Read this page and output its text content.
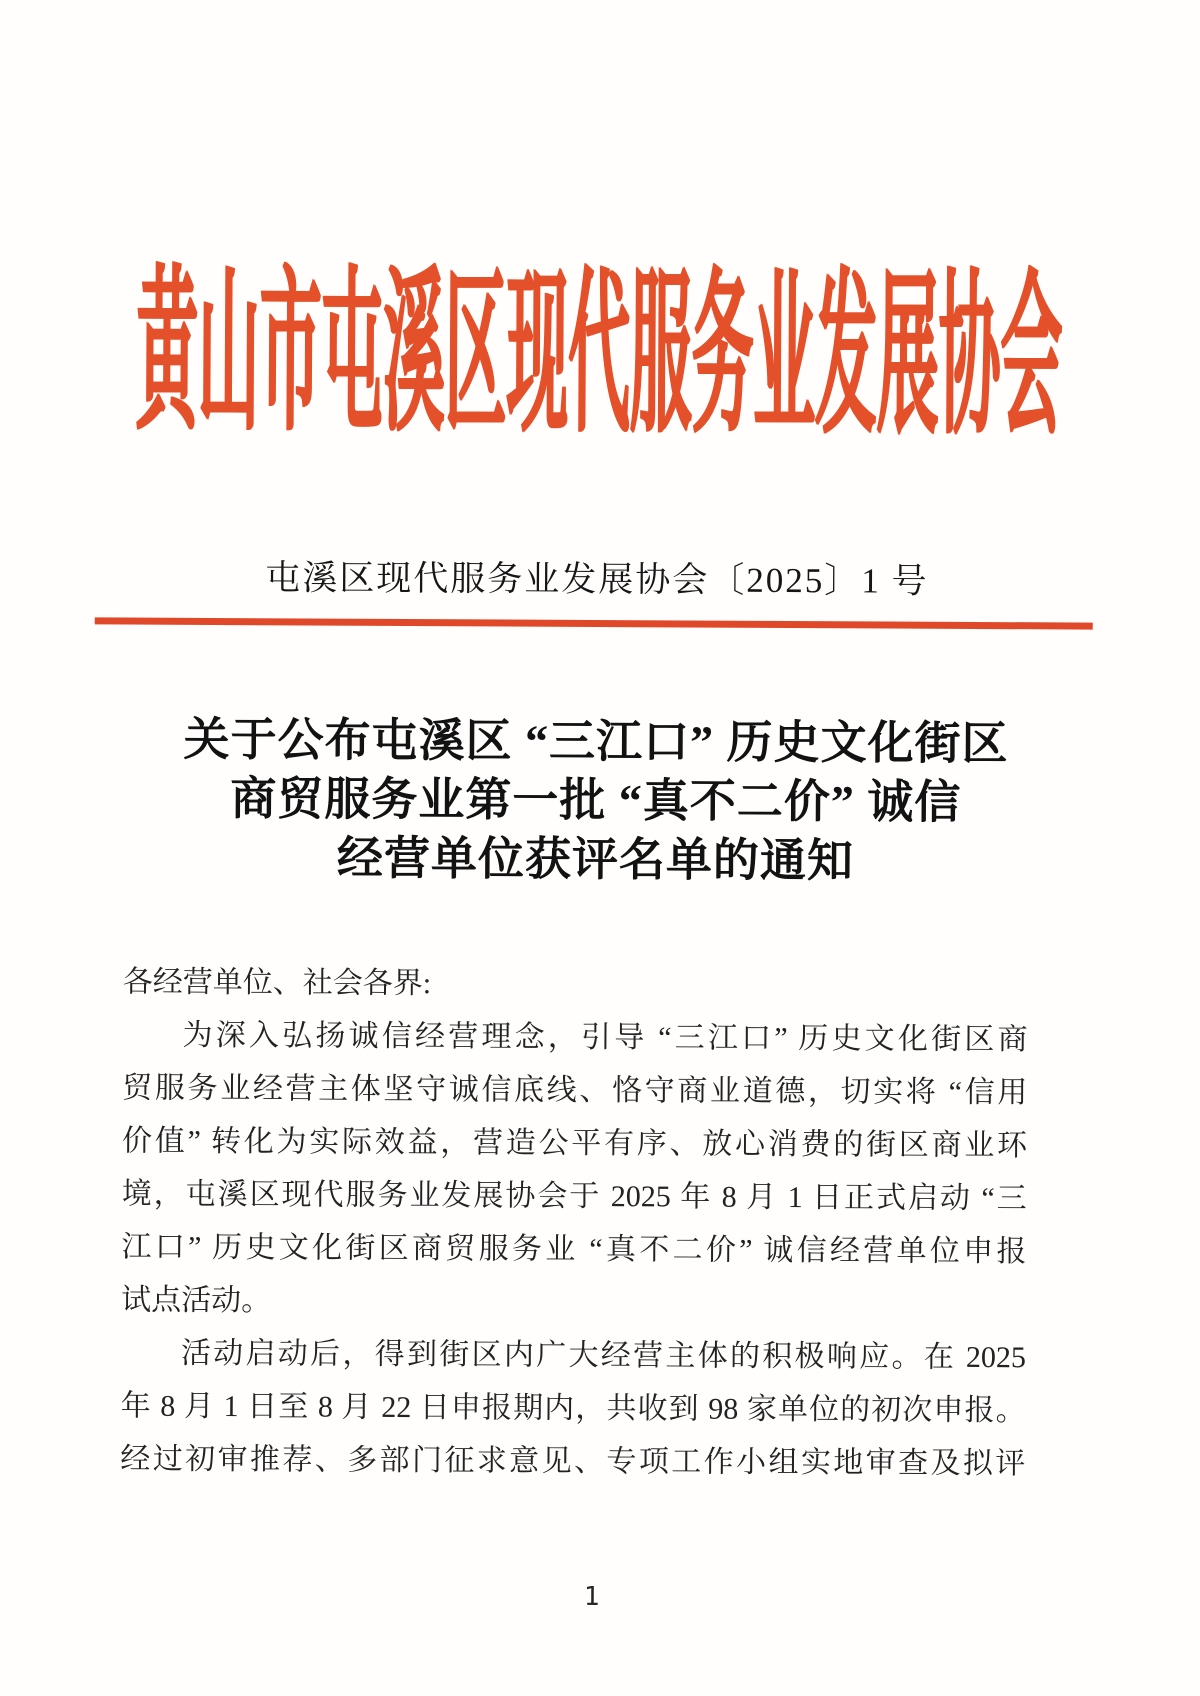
黄山市屯溪区现代服务业发展协会
屯溪区现代服务业发展协会〔2025〕1 号
关于公布屯溪区 “三江口” 历史文化街区
商贸服务业第一批 “真不二价” 诚信
经营单位获评名单的通知
各经营单位、社会各界:
为深入弘扬诚信经营理念，引导 “三江口” 历史文化街区商
贸服务业经营主体坚守诚信底线、恪守商业道德，切实将 “信用
价值” 转化为实际效益，营造公平有序、放心消费的街区商业环
境，屯溪区现代服务业发展协会于 2025 年 8 月 1 日正式启动 “三
江口” 历史文化街区商贸服务业 “真不二价” 诚信经营单位申报
试点活动。
活动启动后，得到街区内广大经营主体的积极响应。在 2025
年 8 月 1 日至 8 月 22 日申报期内，共收到 98 家单位的初次申报。
经过初审推荐、多部门征求意见、专项工作小组实地审查及拟评
1
